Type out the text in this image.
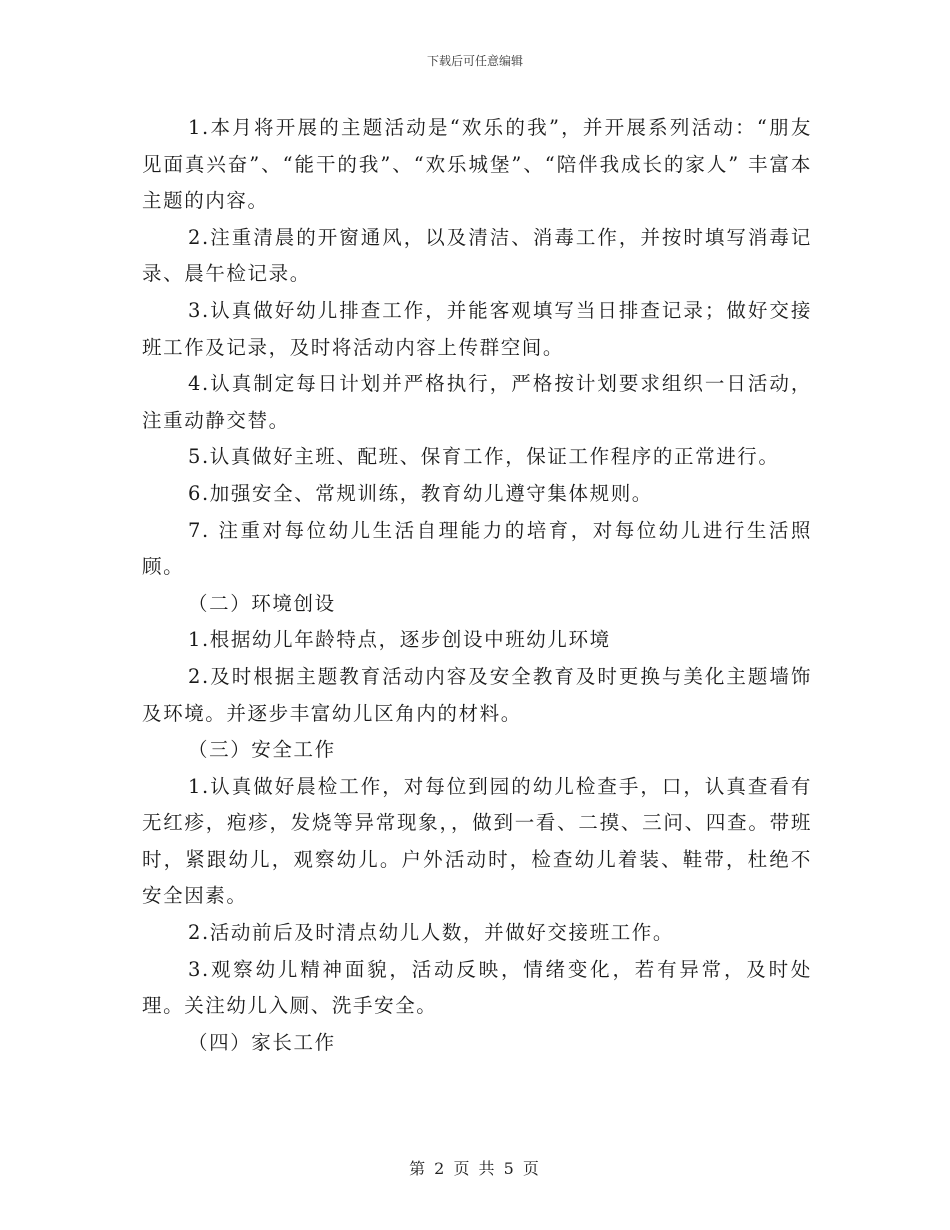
下载后可任意编辑

1.本月将开展的主题活动是“欢乐的我”，并开展系列活动：“朋友见面真兴奋”、“能干的我”、“欢乐城堡”、“陪伴我成长的家人” 丰富本主题的内容。

2.注重清晨的开窗通风，以及清洁、消毒工作，并按时填写消毒记录、晨午检记录。

3.认真做好幼儿排查工作，并能客观填写当日排查记录；做好交接班工作及记录，及时将活动内容上传群空间。

4.认真制定每日计划并严格执行，严格按计划要求组织一日活动，注重动静交替。

5.认真做好主班、配班、保育工作，保证工作程序的正常进行。

6.加强安全、常规训练，教育幼儿遵守集体规则。

7. 注重对每位幼儿生活自理能力的培育，对每位幼儿进行生活照顾。

（二）环境创设

1.根据幼儿年龄特点，逐步创设中班幼儿环境

2.及时根据主题教育活动内容及安全教育及时更换与美化主题墙饰及环境。并逐步丰富幼儿区角内的材料。

（三）安全工作

1.认真做好晨检工作，对每位到园的幼儿检查手，口，认真查看有无红疹，疱疹，发烧等异常现象，，做到一看、二摸、三问、四查。带班时，紧跟幼儿，观察幼儿。户外活动时，检查幼儿着装、鞋带，杜绝不安全因素。

2.活动前后及时清点幼儿人数，并做好交接班工作。

3.观察幼儿精神面貌，活动反映，情绪变化，若有异常，及时处理。关注幼儿入厕、洗手安全。

（四）家长工作

第 2 页 共 5 页
